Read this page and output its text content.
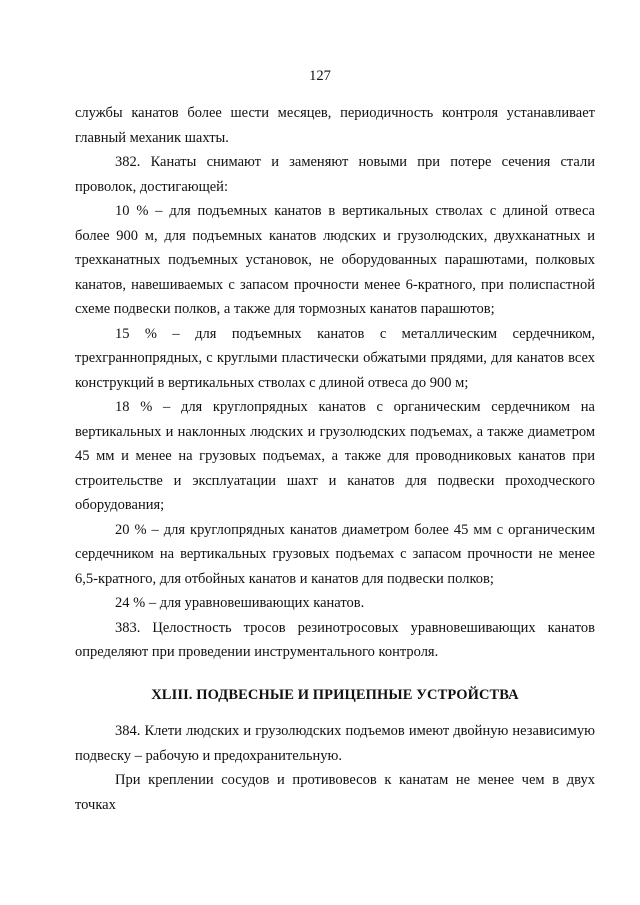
127

службы канатов более шести месяцев, периодичность контроля устанавливает главный механик шахты.

382. Канаты снимают и заменяют новыми при потере сечения стали проволок, достигающей:

10 % – для подъемных канатов в вертикальных стволах с длиной отвеса более 900 м, для подъемных канатов людских и грузолюдских, двухканатных и трехканатных подъемных установок, не оборудованных парашютами, полковых канатов, навешиваемых с запасом прочности менее 6-кратного, при полиспастной схеме подвески полков, а также для тормозных канатов парашютов;

15 % – для подъемных канатов с металлическим сердечником, трехграннопрядных, с круглыми пластически обжатыми прядями, для канатов всех конструкций в вертикальных стволах с длиной отвеса до 900 м;

18 % – для круглопрядных канатов с органическим сердечником на вертикальных и наклонных людских и грузолюдских подъемах, а также диаметром 45 мм и менее на грузовых подъемах, а также для проводниковых канатов при строительстве и эксплуатации шахт и канатов для подвески проходческого оборудования;

20 % – для круглопрядных канатов диаметром более 45 мм с органическим сердечником на вертикальных грузовых подъемах с запасом прочности не менее 6,5-кратного, для отбойных канатов и канатов для подвески полков;

24 % – для уравновешивающих канатов.

383. Целостность тросов резинотросовых уравновешивающих канатов определяют при проведении инструментального контроля.

XLIII. ПОДВЕСНЫЕ И ПРИЦЕПНЫЕ УСТРОЙСТВА

384. Клети людских и грузолюдских подъемов имеют двойную независимую подвеску – рабочую и предохранительную.

При креплении сосудов и противовесов к канатам не менее чем в двух точках
